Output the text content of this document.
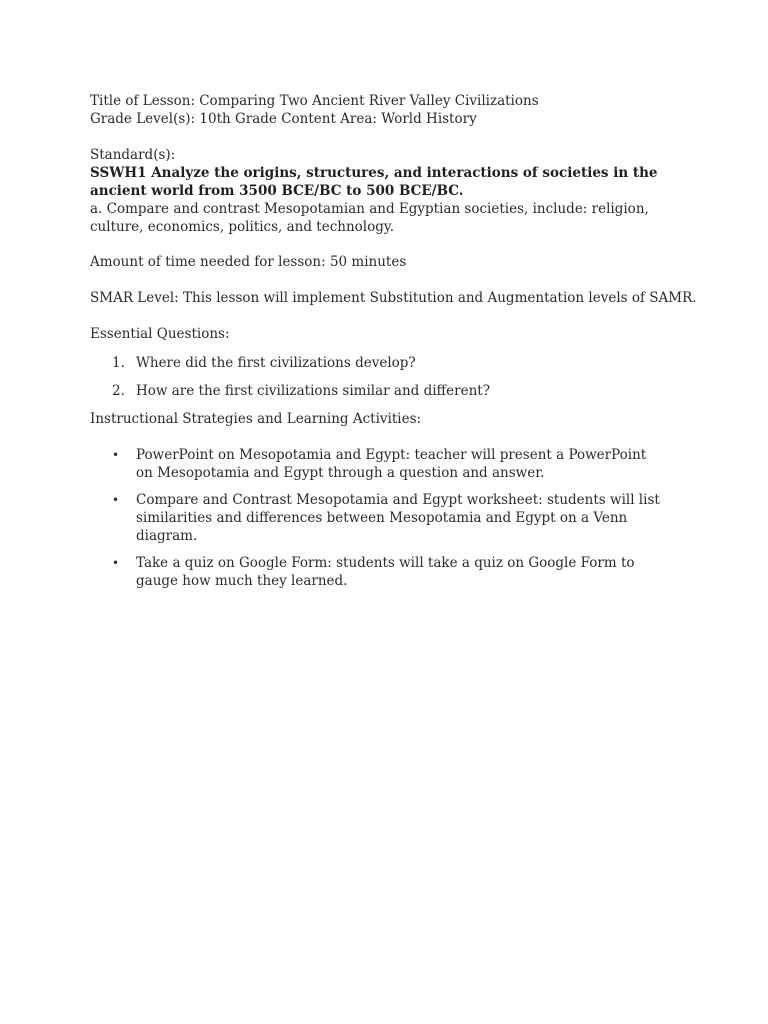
Title of Lesson: Comparing Two Ancient River Valley Civilizations

Grade Level(s): 10th Grade Content Area: World History

Standard(s):

SSWH1 Analyze the origins, structures, and interactions of societies in the ancient world from 3500 BCE/BC to 500 BCE/BC.

a. Compare and contrast Mesopotamian and Egyptian societies, include: religion, culture, economics, politics, and technology.

Amount of time needed for lesson: 50 minutes

SMAR Level: This lesson will implement Substitution and Augmentation levels of SAMR.

Essential Questions:

1. Where did the first civilizations develop?
2. How are the first civilizations similar and different?

Instructional Strategies and Learning Activities:

• PowerPoint on Mesopotamia and Egypt: teacher will present a PowerPoint on Mesopotamia and Egypt through a question and answer.
• Compare and Contrast Mesopotamia and Egypt worksheet: students will list similarities and differences between Mesopotamia and Egypt on a Venn diagram.
• Take a quiz on Google Form: students will take a quiz on Google Form to gauge how much they learned.
